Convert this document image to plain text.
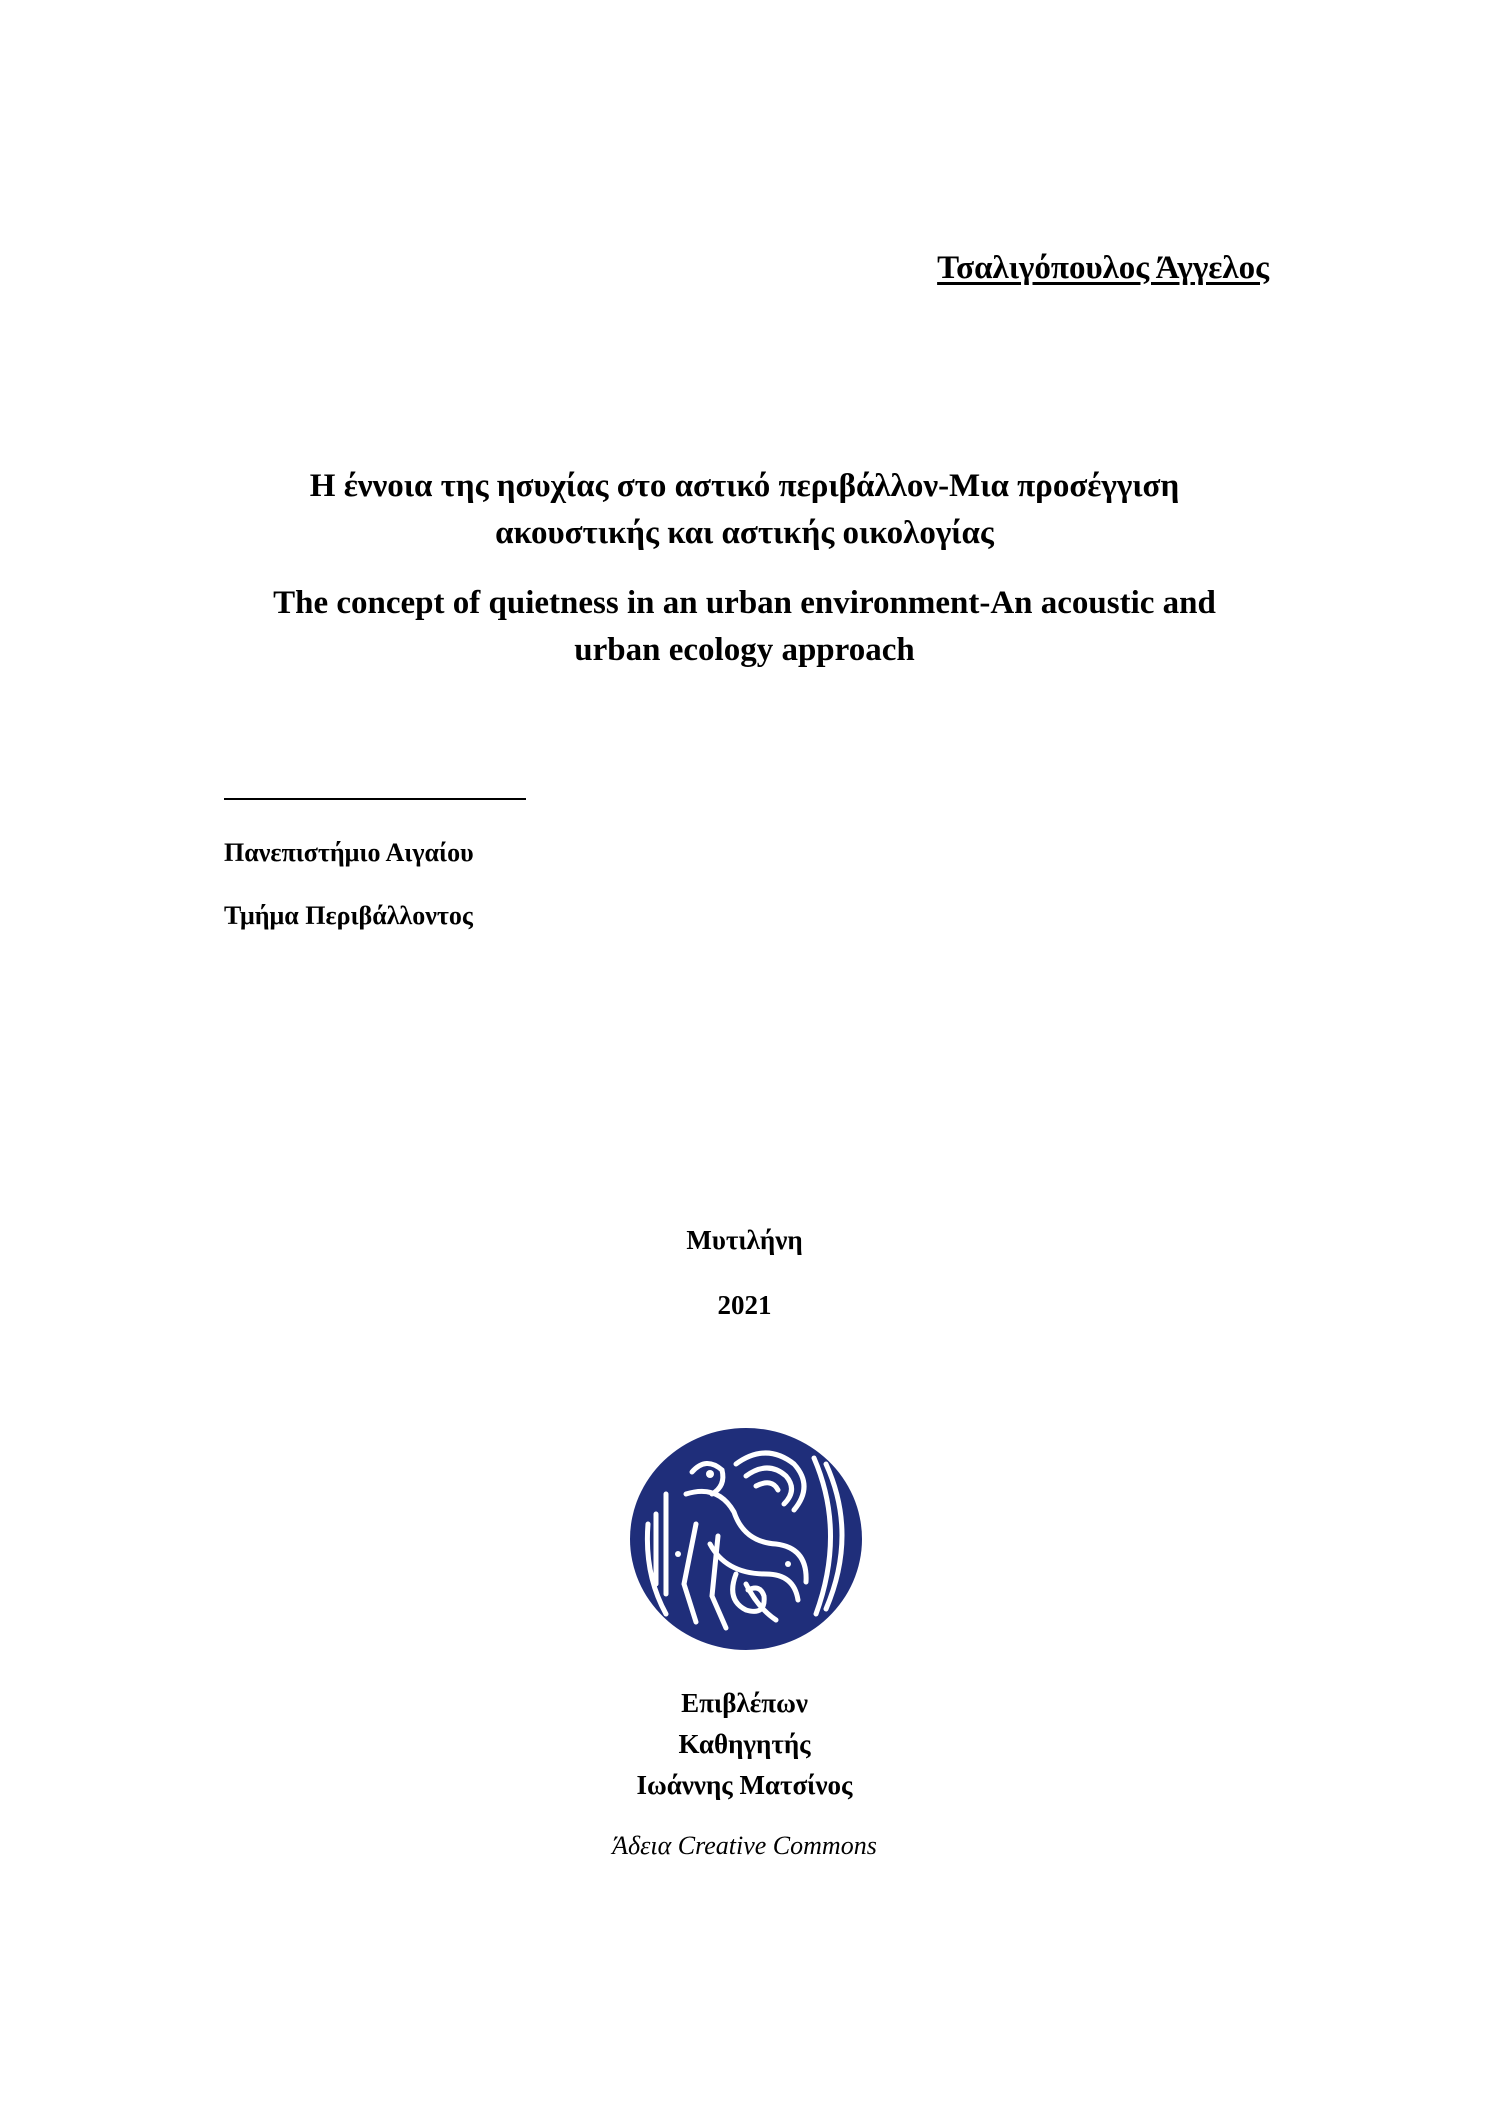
Τσαλιγόπουλος Άγγελος
Η έννοια της ησυχίας στο αστικό περιβάλλον-Μια προσέγγιση
ακουστικής και αστικής οικολογίας
The concept of quietness in an urban environment-An acoustic and
urban ecology approach
Πανεπιστήμιο Αιγαίου
Τμήμα Περιβάλλοντος
Μυτιλήνη
2021
Επιβλέπων
Καθηγητής
Ιωάννης Ματσίνος
Άδεια Creative Commons
